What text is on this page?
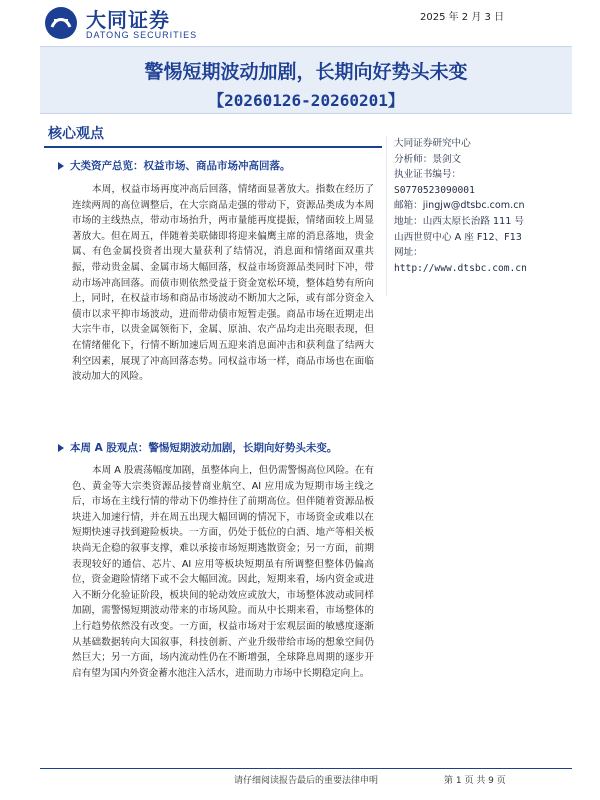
大同证券
DATONG SECURITIES
2025 年 2 月 3 日
警惕短期波动加剧，长期向好势头未变
【20260126-20260201】
核心观点
大类资产总览：权益市场、商品市场冲高回落。
本周，权益市场再度冲高后回落，情绪面显著放大。指数在经历了连续两周的高位调整后，在大宗商品走强的带动下，资源品类成为本周市场的主线热点，带动市场抬升，两市量能再度提振，情绪面较上周显著放大。但在周五，伴随着美联储即将迎来偏鹰主席的消息落地，贵金属、有色金属投资者出现大量获利了结情况，消息面和情绪面双重共振，带动贵金属、金属市场大幅回落，权益市场资源品类同时下冲，带动市场冲高回落。而债市则依然受益于资金宽松环境，整体趋势有所向上，同时，在权益市场和商品市场波动不断加大之际，或有部分资金入债市以求平抑市场波动，进而带动债市短暂走强。商品市场在近期走出大宗牛市，以贵金属领衔下，金属、原油、农产品均走出亮眼表现，但在情绪催化下，行情不断加速后周五迎来消息面冲击和获利盘了结两大利空因素，展现了冲高回落态势。同权益市场一样，商品市场也在面临波动加大的风险。
本周 A 股观点：警惕短期波动加剧，长期向好势头未变。
本周 A 股震荡幅度加剧，虽整体向上，但仍需警惕高位风险。在有色、黄金等大宗类资源品接替商业航空、AI 应用成为短期市场主线之后，市场在主线行情的带动下仍维持住了前期高位。但伴随着资源品板块进入加速行情，并在周五出现大幅回调的情况下，市场资金或难以在短期快速寻找到避险板块。一方面，仍处于低位的白酒、地产等相关板块尚无企稳的叙事支撑，难以承接市场短期逃散资金；另一方面，前期表现较好的通信、芯片、AI 应用等板块短期虽有所调整但整体仍偏高位，资金避险情绪下或不会大幅回流。因此，短期来看，场内资金或进入不断分化验证阶段，板块间的轮动效应或放大，市场整体波动或同样加剧，需警惕短期波动带来的市场风险。而从中长期来看，市场整体的上行趋势依然没有改变。一方面，权益市场对于宏观层面的敏感度逐渐从基础数据转向大国叙事，科技创新、产业升级带给市场的想象空间仍然巨大；另一方面，场内流动性仍在不断增强，全球降息周期的逐步开启有望为国内外资金蓄水池注入活水，进而助力市场中长期稳定向上。
大同证券研究中心
分析师：景剑文
执业证书编号：
S0770523090001
邮箱：jingjw@dtsbc.com.cn
地址：山西太原长治路 111 号
山西世贸中心 A 座 F12、F13
网址：
http://www.dtsbc.com.cn
请仔细阅读报告最后的重要法律申明	第 1 页 共 9 页
